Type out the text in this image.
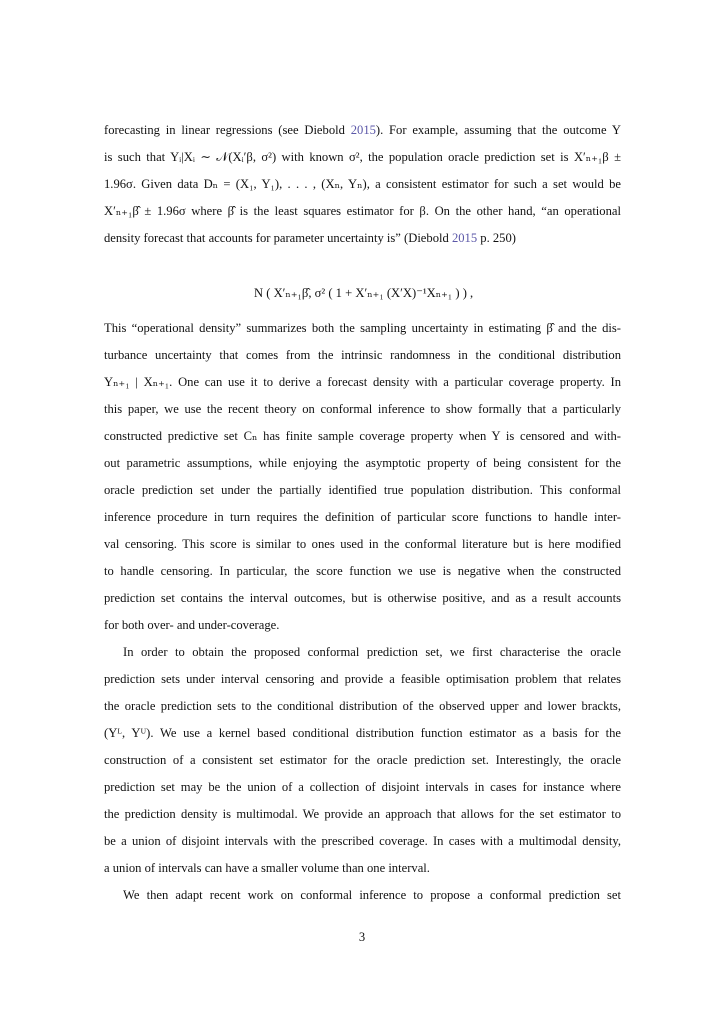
forecasting in linear regressions (see Diebold 2015). For example, assuming that the outcome Y
is such that Yᵢ|Xᵢ ∼ 𝒩(Xᵢ′β, σ²) with known σ², the population oracle prediction set is X′ₙ₊₁β ±
1.96σ. Given data Dₙ = (X₁, Y₁), . . . , (Xₙ, Yₙ), a consistent estimator for such a set would be
X′ₙ₊₁β̂ ± 1.96σ where β̂ is the least squares estimator for β. On the other hand, “an operational
density forecast that accounts for parameter uncertainty is” (Diebold 2015 p. 250)
N ( X′ₙ₊₁β̂, σ² ( 1 + X′ₙ₊₁ (X′X)⁻¹Xₙ₊₁ ) ) ,
This “operational density” summarizes both the sampling uncertainty in estimating β̂ and the dis-
turbance uncertainty that comes from the intrinsic randomness in the conditional distribution
Yₙ₊₁ | Xₙ₊₁. One can use it to derive a forecast density with a particular coverage property. In
this paper, we use the recent theory on conformal inference to show formally that a particularly
constructed predictive set Cₙ has finite sample coverage property when Y is censored and with-
out parametric assumptions, while enjoying the asymptotic property of being consistent for the
oracle prediction set under the partially identified true population distribution. This conformal
inference procedure in turn requires the definition of particular score functions to handle inter-
val censoring. This score is similar to ones used in the conformal literature but is here modified
to handle censoring. In particular, the score function we use is negative when the constructed
prediction set contains the interval outcomes, but is otherwise positive, and as a result accounts
for both over- and under-coverage.
In order to obtain the proposed conformal prediction set, we first characterise the oracle
prediction sets under interval censoring and provide a feasible optimisation problem that relates
the oracle prediction sets to the conditional distribution of the observed upper and lower brackts,
(Yᴸ, Yᵁ). We use a kernel based conditional distribution function estimator as a basis for the
construction of a consistent set estimator for the oracle prediction set. Interestingly, the oracle
prediction set may be the union of a collection of disjoint intervals in cases for instance where
the prediction density is multimodal. We provide an approach that allows for the set estimator to
be a union of disjoint intervals with the prescribed coverage. In cases with a multimodal density,
a union of intervals can have a smaller volume than one interval.
We then adapt recent work on conformal inference to propose a conformal prediction set
3
